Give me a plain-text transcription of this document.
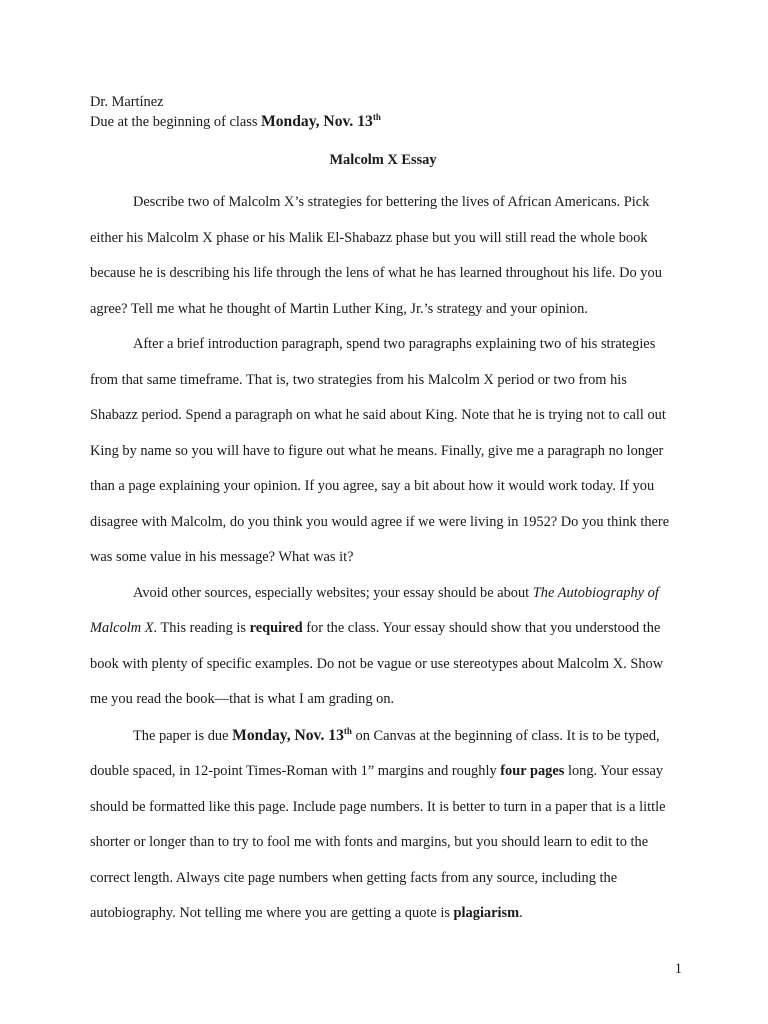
Dr. Martínez

Due at the beginning of class Monday, Nov. 13th

Malcolm X Essay

Describe two of Malcolm X’s strategies for bettering the lives of African Americans. Pick either his Malcolm X phase or his Malik El-Shabazz phase but you will still read the whole book because he is describing his life through the lens of what he has learned throughout his life. Do you agree? Tell me what he thought of Martin Luther King, Jr.’s strategy and your opinion.

After a brief introduction paragraph, spend two paragraphs explaining two of his strategies from that same timeframe. That is, two strategies from his Malcolm X period or two from his Shabazz period. Spend a paragraph on what he said about King. Note that he is trying not to call out King by name so you will have to figure out what he means. Finally, give me a paragraph no longer than a page explaining your opinion. If you agree, say a bit about how it would work today. If you disagree with Malcolm, do you think you would agree if we were living in 1952? Do you think there was some value in his message? What was it?

Avoid other sources, especially websites; your essay should be about The Autobiography of Malcolm X. This reading is required for the class. Your essay should show that you understood the book with plenty of specific examples. Do not be vague or use stereotypes about Malcolm X. Show me you read the book—that is what I am grading on.

The paper is due Monday, Nov. 13th on Canvas at the beginning of class. It is to be typed, double spaced, in 12-point Times-Roman with 1” margins and roughly four pages long. Your essay should be formatted like this page. Include page numbers. It is better to turn in a paper that is a little shorter or longer than to try to fool me with fonts and margins, but you should learn to edit to the correct length. Always cite page numbers when getting facts from any source, including the autobiography. Not telling me where you are getting a quote is plagiarism.

1
